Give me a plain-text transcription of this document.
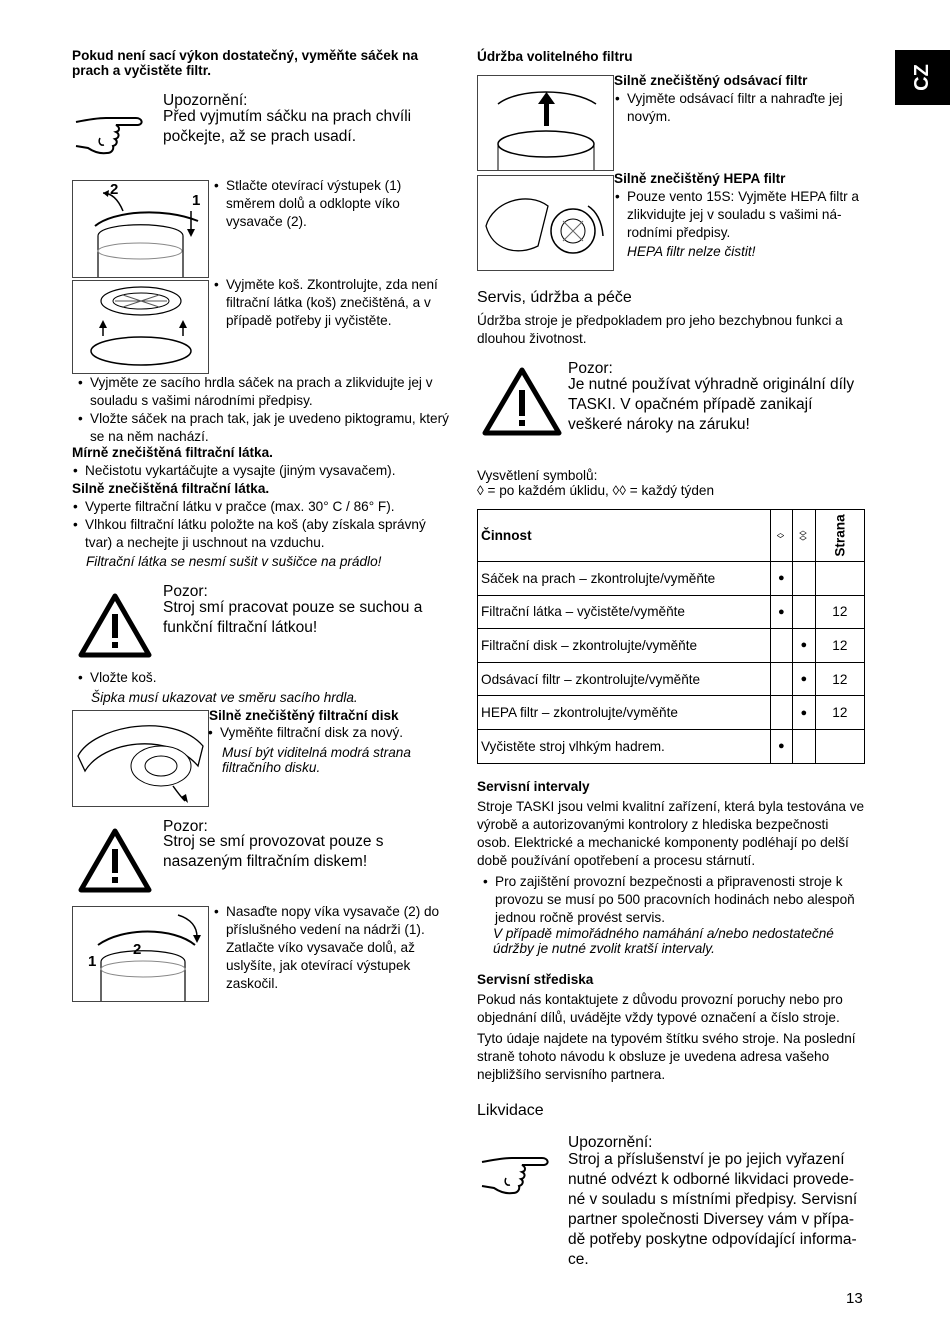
CZ
Pokud není sací výkon dostatečný, vyměňte sáček na prach a vyčistěte filtr.
Upozornění:
Před vyjmutím sáčku na prach chvíli počkejte, až se prach usadí.
2
1
• Stlačte otevírací výstupek (1) směrem dolů a odklopte víko vysavače (2).
• Vyjměte koš. Zkontrolujte, zda není filtrační látka (koš) znečištěná, a v případě potřeby ji vyčistěte.
• Vyjměte ze sacího hrdla sáček na prach a zlikvidujte jej v souladu s vašimi národními předpisy.
• Vložte sáček na prach tak, jak je uvedeno piktogramu, který se na něm nachází.
Mírně znečištěná filtrační látka.
• Nečistotu vykartáčujte a vysajte (jiným vysavačem).
Silně znečištěná filtrační látka.
• Vyperte filtrační látku v pračce (max. 30° C / 86° F).
• Vlhkou filtrační látku položte na koš (aby získala správný tvar) a nechejte ji uschnout na vzduchu.
Filtrační látka se nesmí sušit v sušičce na prádlo!
Pozor:
Stroj smí pracovat pouze se suchou a funkční filtrační látkou!
• Vložte koš.
Šipka musí ukazovat ve směru sacího hrdla.
Silně znečištěný filtrační disk
• Vyměňte filtrační disk za nový.
Musí být viditelná modrá strana filtračního disku.
Pozor:
Stroj se smí provozovat pouze s nasazeným filtračním diskem!
1
2
• Nasaďte nopy víka vysavače (2) do příslušného vedení na nádrži (1). Zatlačte víko vysavače dolů, až uslyšíte, jak otevírací výstupek zaskočil.
Údržba volitelného filtru
Silně znečištěný odsávací filtr
• Vyjměte odsávací filtr a nahraďte jej novým.
Silně znečištěný HEPA filtr
• Pouze vento 15S: Vyjměte HEPA filtr a zlikvidujte jej v souladu s vašimi ná-rodními předpisy.
HEPA filtr nelze čistit!
Servis, údržba a péče
Údržba stroje je předpokladem pro jeho bezchybnou funkci a dlouhou životnost.
Pozor:
Je nutné používat výhradně originální díly TASKI. V opačném případě zanikají veškeré nároky na záruku!
Vysvětlení symbolů:
◊ = po každém úklidu, ◊◊ = každý týden
Činnost	◊	◊◊	Strana
Sáček na prach – zkontrolujte/vyměňte	●		
Filtrační látka – vyčistěte/vyměňte	●		12
Filtrační disk – zkontrolujte/vyměňte		●	12
Odsávací filtr – zkontrolujte/vyměňte		●	12
HEPA filtr – zkontrolujte/vyměňte		●	12
Vyčistěte stroj vlhkým hadrem.	●		
Servisní intervaly
Stroje TASKI jsou velmi kvalitní zařízení, která byla testována ve výrobě a autorizovanými kontrolory z hlediska bezpečnosti osob. Elektrické a mechanické komponenty podléhají po delší době používání opotřebení a procesu stárnutí.
• Pro zajištění provozní bezpečnosti a připravenosti stroje k provozu se musí po 500 pracovních hodinách nebo alespoň jednou ročně provést servis.
V případě mimořádného namáhání a/nebo nedostatečné údržby je nutné zvolit kratší intervaly.
Servisní střediska
Pokud nás kontaktujete z důvodu provozní poruchy nebo pro objednání dílů, uvádějte vždy typové označení a číslo stroje.
Tyto údaje najdete na typovém štítku svého stroje. Na poslední straně tohoto návodu k obsluze je uvedena adresa vašeho nejbližšího servisního partnera.
Likvidace
Upozornění:
Stroj a příslušenství je po jejich vyřazení nutné odvézt k odborné likvidaci provede-né v souladu s místními předpisy. Servisní partner společnosti Diversey vám v přípa-dě potřeby poskytne odpovídající informa-ce.
13
